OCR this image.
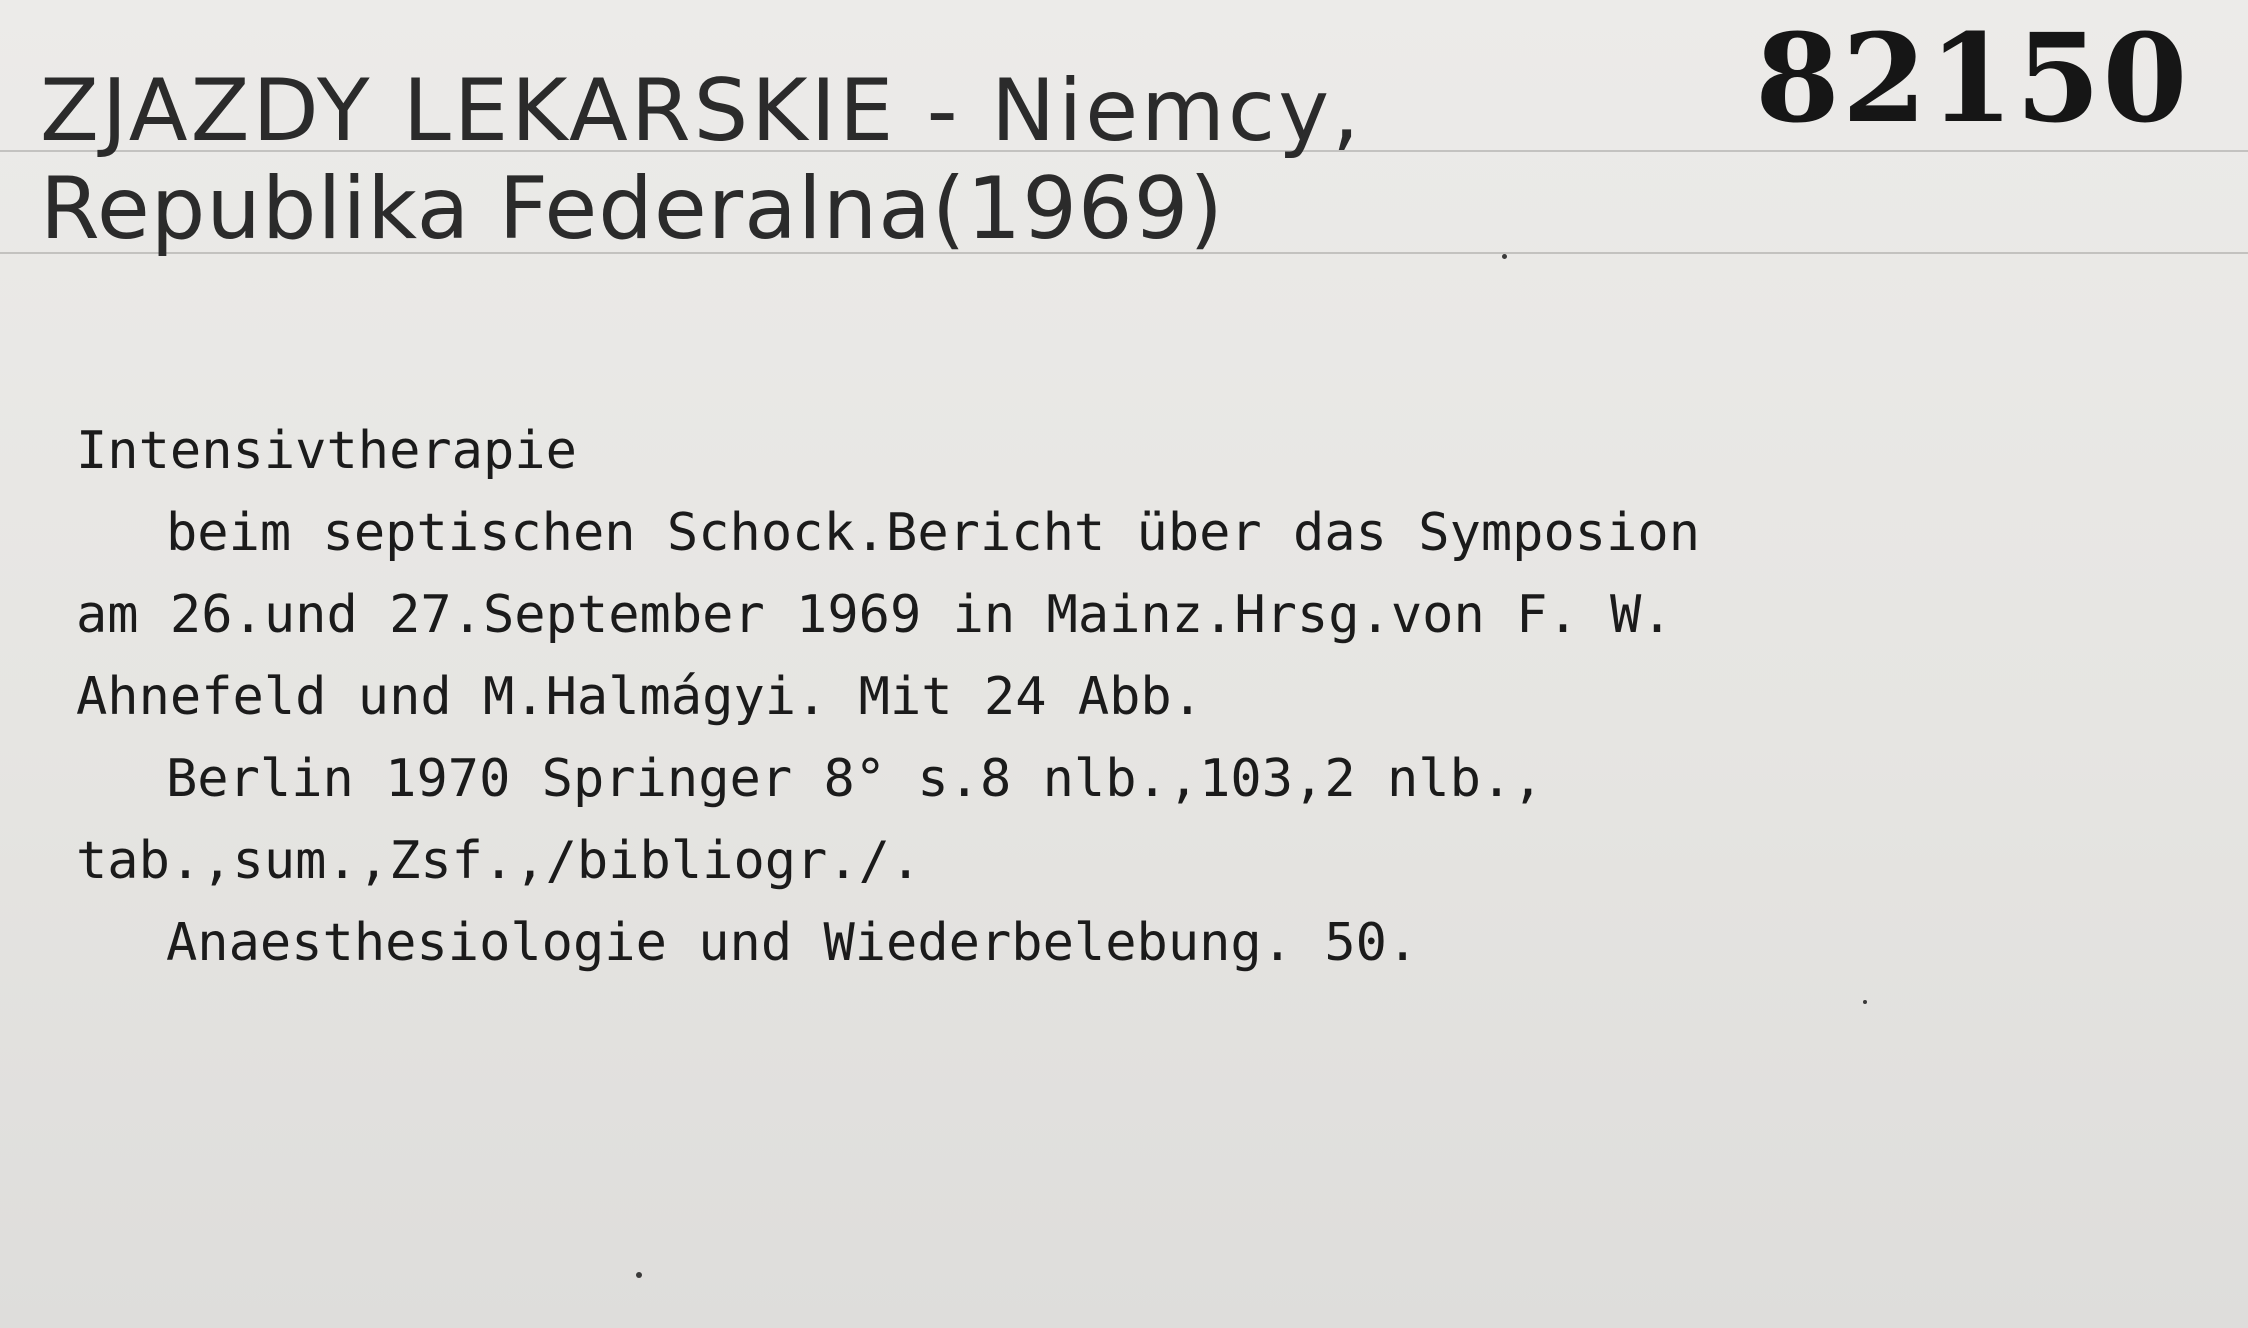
ZJAZDY LEKARSKIE - Niemcy,
Republika Federalna(1969)
82150
Intensivtherapie
beim septischen Schock.Bericht über das Symposion
am 26.und 27.September 1969 in Mainz.Hrsg.von F. W.
Ahnefeld und M.Halmágyi. Mit 24 Abb.
Berlin 1970 Springer 8° s.8 nlb.,103,2 nlb.,
tab.,sum.,Zsf.,/bibliogr./.
Anaesthesiologie und Wiederbelebung. 50.
